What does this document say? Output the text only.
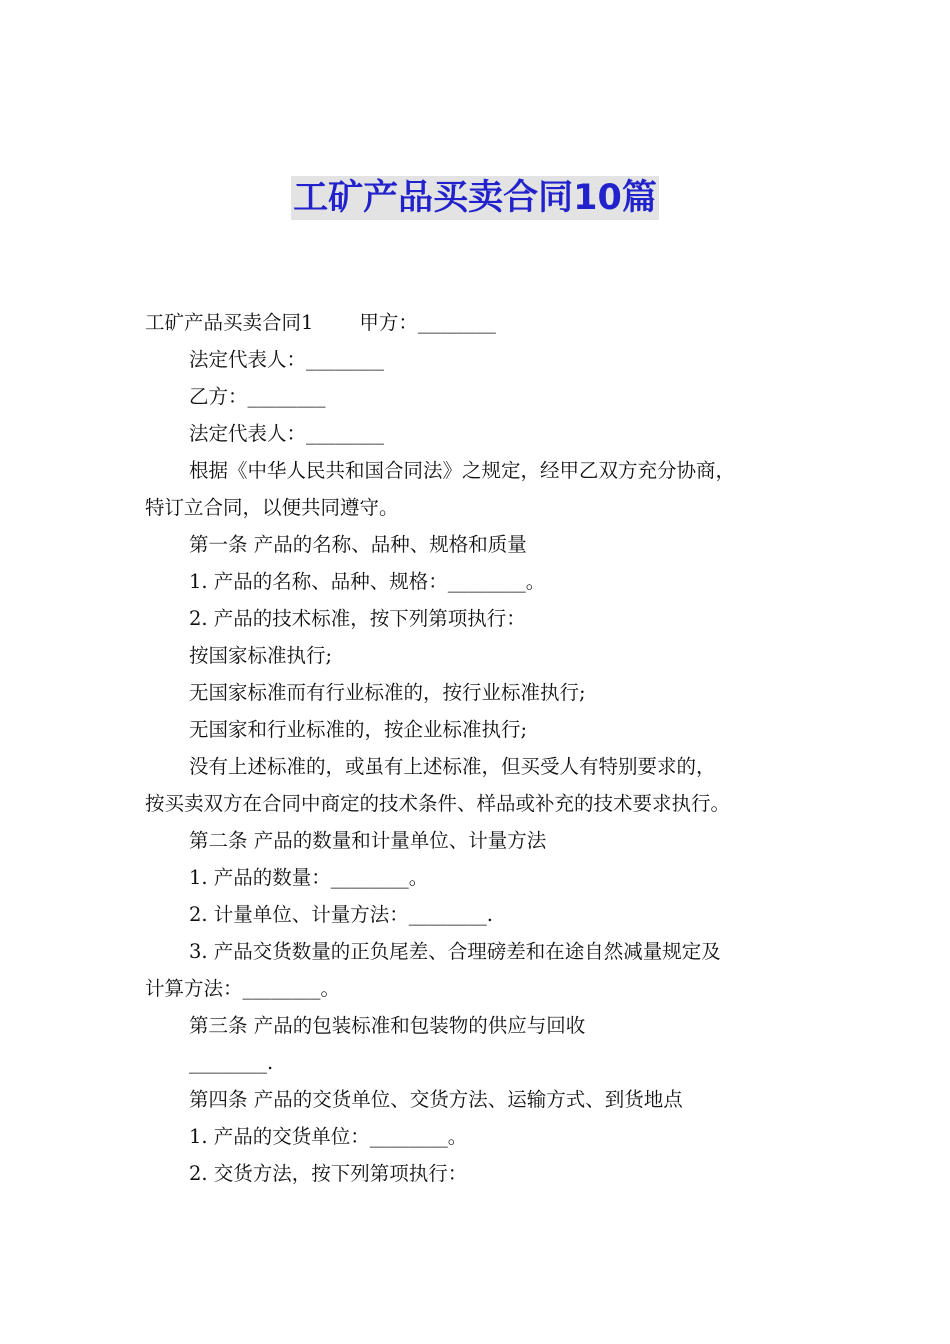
工矿产品买卖合同10篇
工矿产品买卖合同1 甲方：________
法定代表人：________
乙方：________
法定代表人：________
根据《中华人民共和国合同法》之规定，经甲乙双方充分协商，
特订立合同，以便共同遵守。
第一条 产品的名称、品种、规格和质量
1. 产品的名称、品种、规格：________。
2. 产品的技术标准，按下列第项执行：
按国家标准执行;
无国家标准而有行业标准的，按行业标准执行;
无国家和行业标准的，按企业标准执行;
没有上述标准的，或虽有上述标准，但买受人有特别要求的，
按买卖双方在合同中商定的技术条件、样品或补充的技术要求执行。
第二条 产品的数量和计量单位、计量方法
1. 产品的数量：________。
2. 计量单位、计量方法：________.
3. 产品交货数量的正负尾差、合理磅差和在途自然减量规定及
计算方法：________。
第三条 产品的包装标准和包装物的供应与回收
________.
第四条 产品的交货单位、交货方法、运输方式、到货地点
1. 产品的交货单位：________。
2. 交货方法，按下列第项执行：
